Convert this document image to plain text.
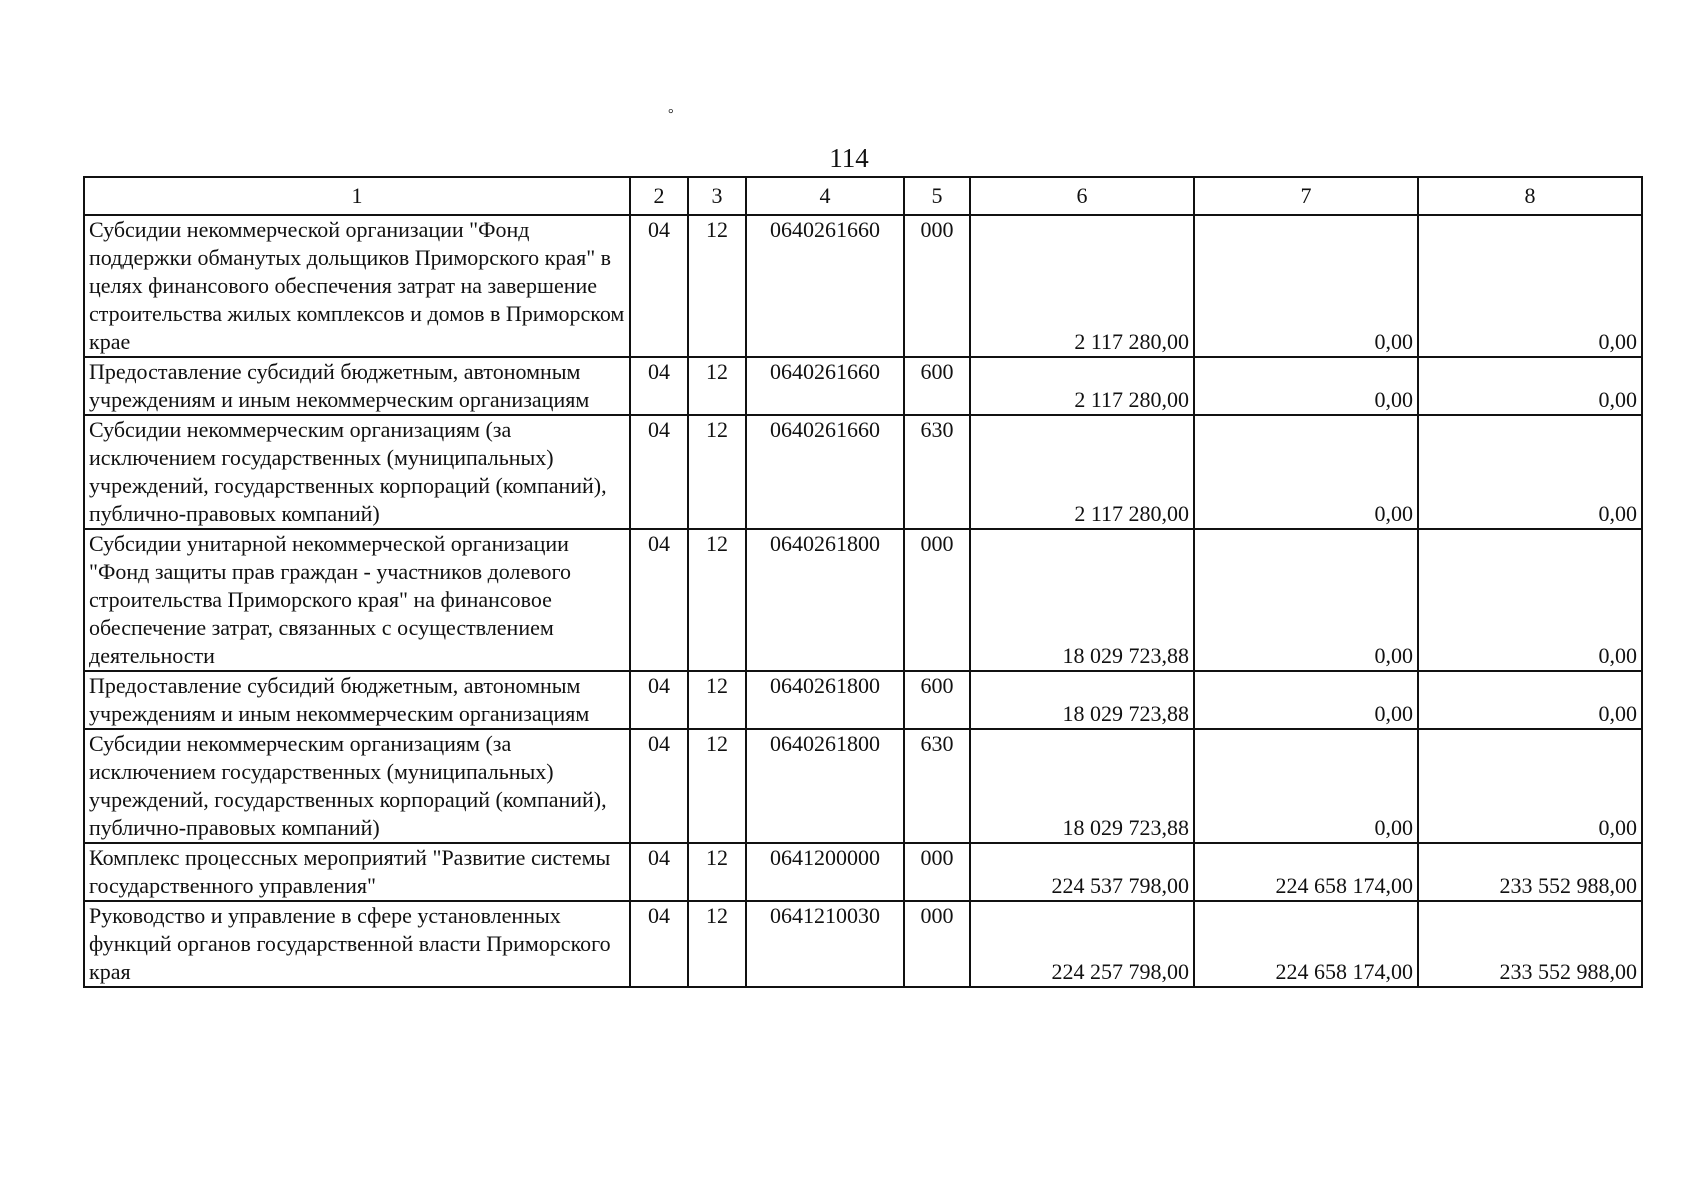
°
114
1	2	3	4	5	6	7	8
Субсидии некоммерческой организации "Фонд поддержки обманутых дольщиков Приморского края" в целях финансового обеспечения затрат на завершение строительства жилых комплексов и домов в Приморском крае	04	12	0640261660	000	2 117 280,00	0,00	0,00
Предоставление субсидий бюджетным, автономным учреждениям и иным некоммерческим организациям	04	12	0640261660	600	2 117 280,00	0,00	0,00
Субсидии некоммерческим организациям (за исключением государственных (муниципальных) учреждений, государственных корпораций (компаний), публично-правовых компаний)	04	12	0640261660	630	2 117 280,00	0,00	0,00
Субсидии унитарной некоммерческой организации "Фонд защиты прав граждан - участников долевого строительства Приморского края" на финансовое обеспечение затрат, связанных с осуществлением деятельности	04	12	0640261800	000	18 029 723,88	0,00	0,00
Предоставление субсидий бюджетным, автономным учреждениям и иным некоммерческим организациям	04	12	0640261800	600	18 029 723,88	0,00	0,00
Субсидии некоммерческим организациям (за исключением государственных (муниципальных) учреждений, государственных корпораций (компаний), публично-правовых компаний)	04	12	0640261800	630	18 029 723,88	0,00	0,00
Комплекс процессных мероприятий "Развитие системы государственного управления"	04	12	0641200000	000	224 537 798,00	224 658 174,00	233 552 988,00
Руководство и управление в сфере установленных функций органов государственной власти Приморского края	04	12	0641210030	000	224 257 798,00	224 658 174,00	233 552 988,00
